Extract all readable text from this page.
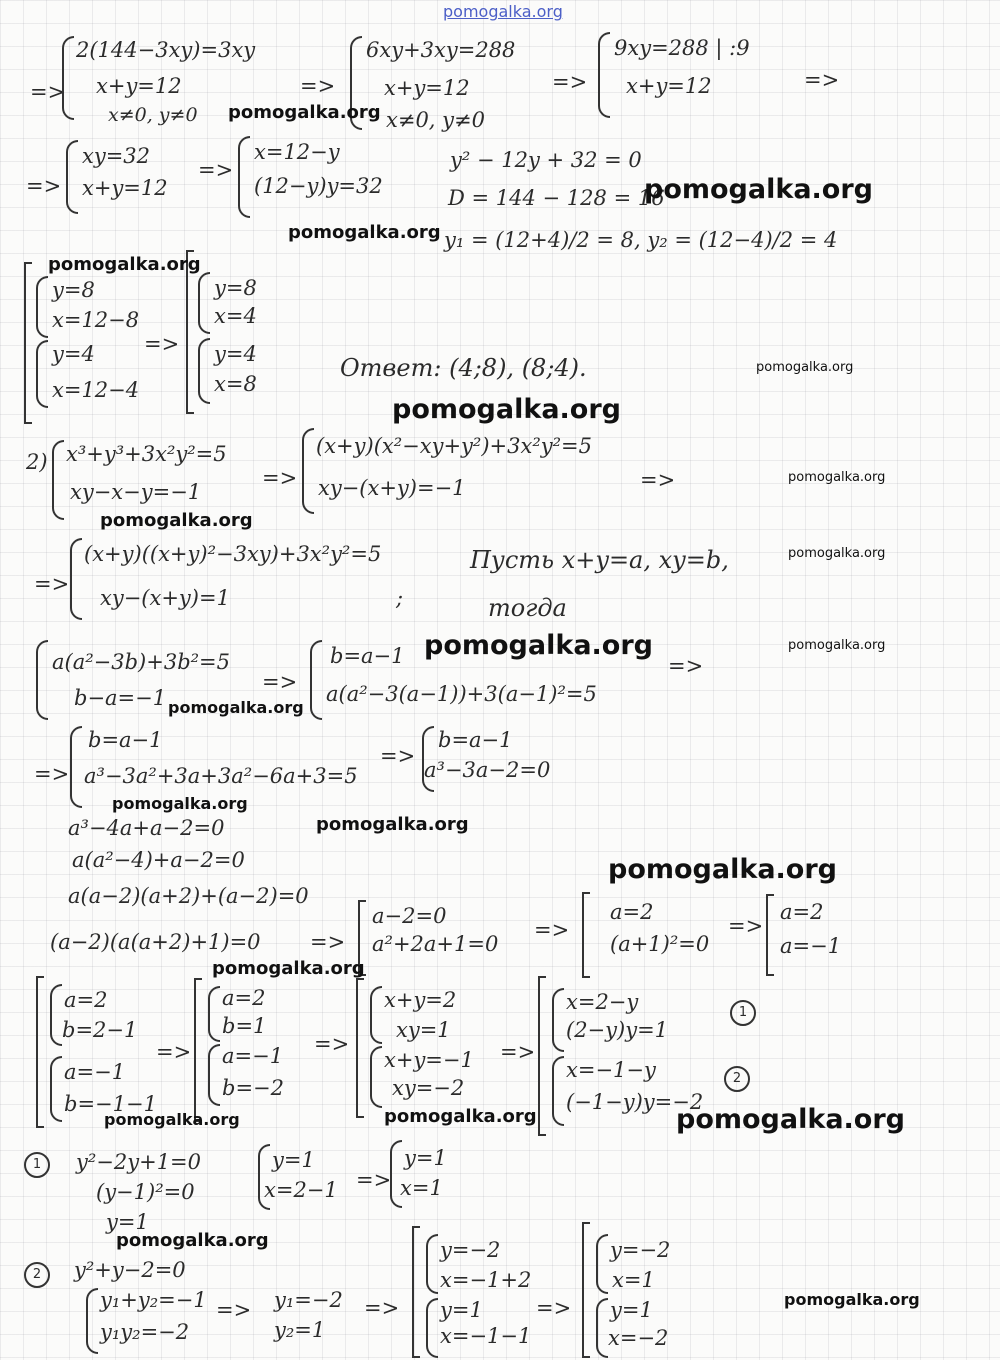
pomogalka.org

=>

2(144−3xy)=3xy

x+y=12

x≠0, y≠0

=>

6xy+3xy=288

x+y=12

x≠0, y≠0

=>

9xy=288 | :9

x+y=12	=>

=>

xy=32

x+y=12

=>

x=12−y

(12−y)y=32

y² − 12y + 32 = 0

D = 144 − 128 = 16

y₁ = (12+4)/2 = 8, y₂ = (12−4)/2 = 4

y=8

x=12−8

y=4

x=12−4

=>

y=8

x=4

y=4

x=8

Ответ: (4;8), (8;4).

2) x³+y³+3x²y²=5

xy−x−y=−1

=>

(x+y)(x²−xy+y²)+3x²y²=5

xy−(x+y)=−1	=>

=>

(x+y)((x+y)²−3xy)+3x²y²=5

xy−(x+y)=1	;

Пусть x+y=a, xy=b,

тогда

a(a²−3b)+3b²=5

b−a=−1

=>

b=a−1

a(a²−3(a−1))+3(a−1)²=5

=>

=>

b=a−1

a³−3a²+3a+3a²−6a+3=5

=>

b=a−1

a³−3a−2=0

a³−4a+a−2=0

a(a²−4)+a−2=0

a(a−2)(a+2)+(a−2)=0

(a−2)(a(a+2)+1)=0 =>

a−2=0

a²+2a+1=0

=>

a=2

(a+1)²=0

=>

a=2

a=−1

a=2

b=2−1

a=−1

b=−1−1

=>

a=2

b=1

a=−1

b=−2

=>

x+y=2

xy=1

x+y=−1

xy=−2

=>

x=2−y

(2−y)y=1

x=−1−y

(−1−y)y=−2

1
2
1	y²−2y+1=0

(y−1)²=0

y=1

y=1

x=2−1 =>

y=1

x=1

2	y²+y−2=0

y₁+y₂=−1

y₁y₂=−2

=> y₁=−2

y₂=1

=>

y=−2

x=−1+2

y=1

x=−1−1

=>

y=−2

x=1

y=1

x=−2

pomogalka.org

pomogalka.org

pomogalka.org

pomogalka.org

pomogalka.org

pomogalka.org

pomogalka.org

pomogalka.org

pomogalka.org

pomogalka.org	pomogalka.org

pomogalka.org

pomogalka.org

pomogalka.org

pomogalka.org

pomogalka.org

pomogalka.org	pomogalka.org	pomogalka.org

pomogalka.org

pomogalka.org
